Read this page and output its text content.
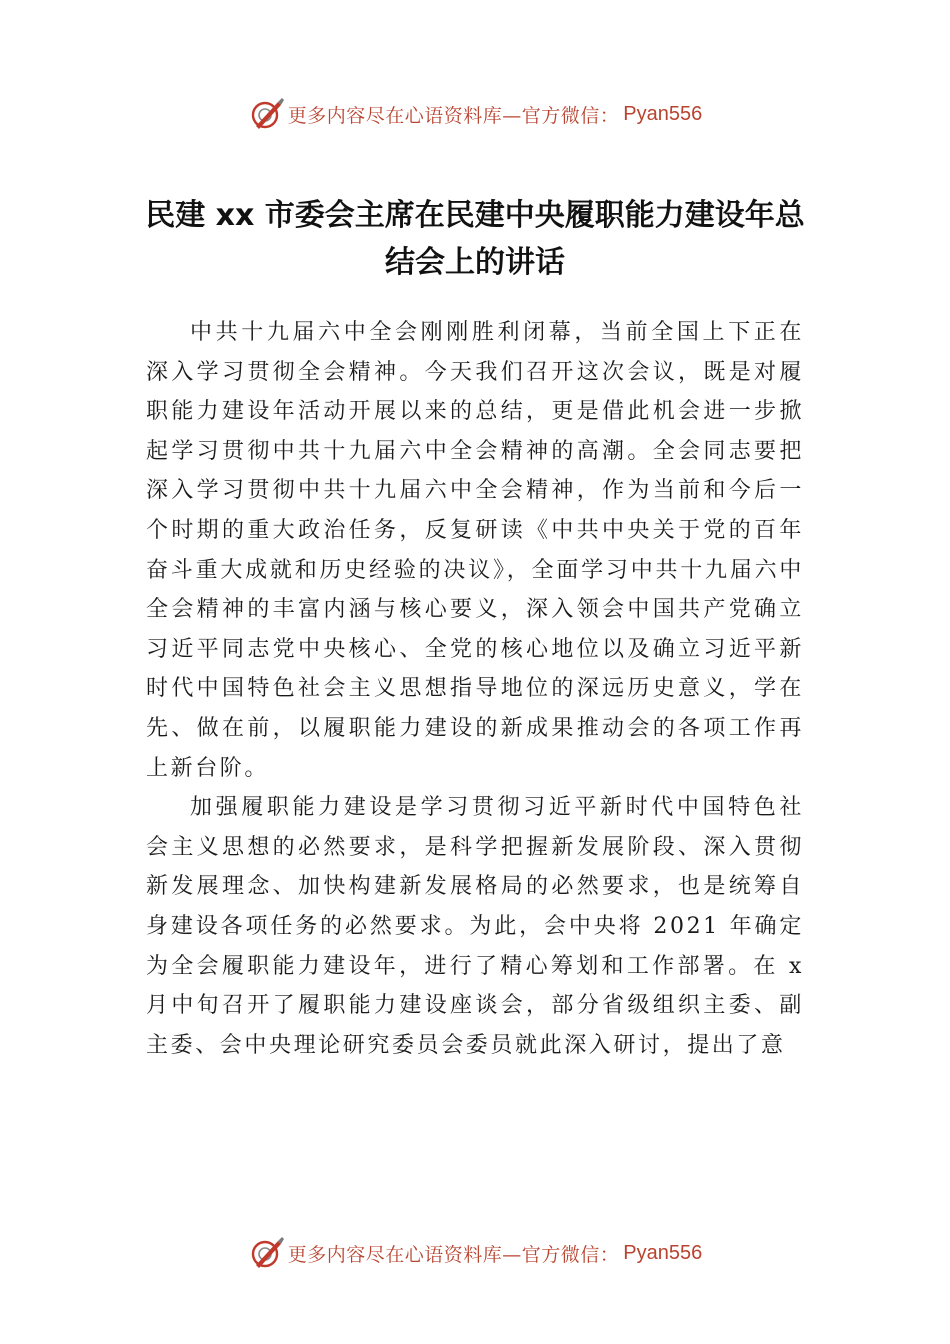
更多内容尽在心语资料库—官方微信： Pyan556
民建 xx 市委会主席在民建中央履职能力建设年总结会上的讲话

中共十九届六中全会刚刚胜利闭幕，当前全国上下正在深入学习贯彻全会精神。今天我们召开这次会议，既是对履职能力建设年活动开展以来的总结，更是借此机会进一步掀起学习贯彻中共十九届六中全会精神的高潮。全会同志要把深入学习贯彻中共十九届六中全会精神，作为当前和今后一个时期的重大政治任务，反复研读《中共中央关于党的百年奋斗重大成就和历史经验的决议》，全面学习中共十九届六中全会精神的丰富内涵与核心要义，深入领会中国共产党确立习近平同志党中央核心、全党的核心地位以及确立习近平新时代中国特色社会主义思想指导地位的深远历史意义，学在先、做在前，以履职能力建设的新成果推动会的各项工作再上新台阶。

加强履职能力建设是学习贯彻习近平新时代中国特色社会主义思想的必然要求，是科学把握新发展阶段、深入贯彻新发展理念、加快构建新发展格局的必然要求，也是统筹自身建设各项任务的必然要求。为此，会中央将 2021 年确定为全会履职能力建设年，进行了精心筹划和工作部署。在 x 月中旬召开了履职能力建设座谈会，部分省级组织主委、副主委、会中央理论研究委员会委员就此深入研讨，提出了意

更多内容尽在心语资料库—官方微信： Pyan556
